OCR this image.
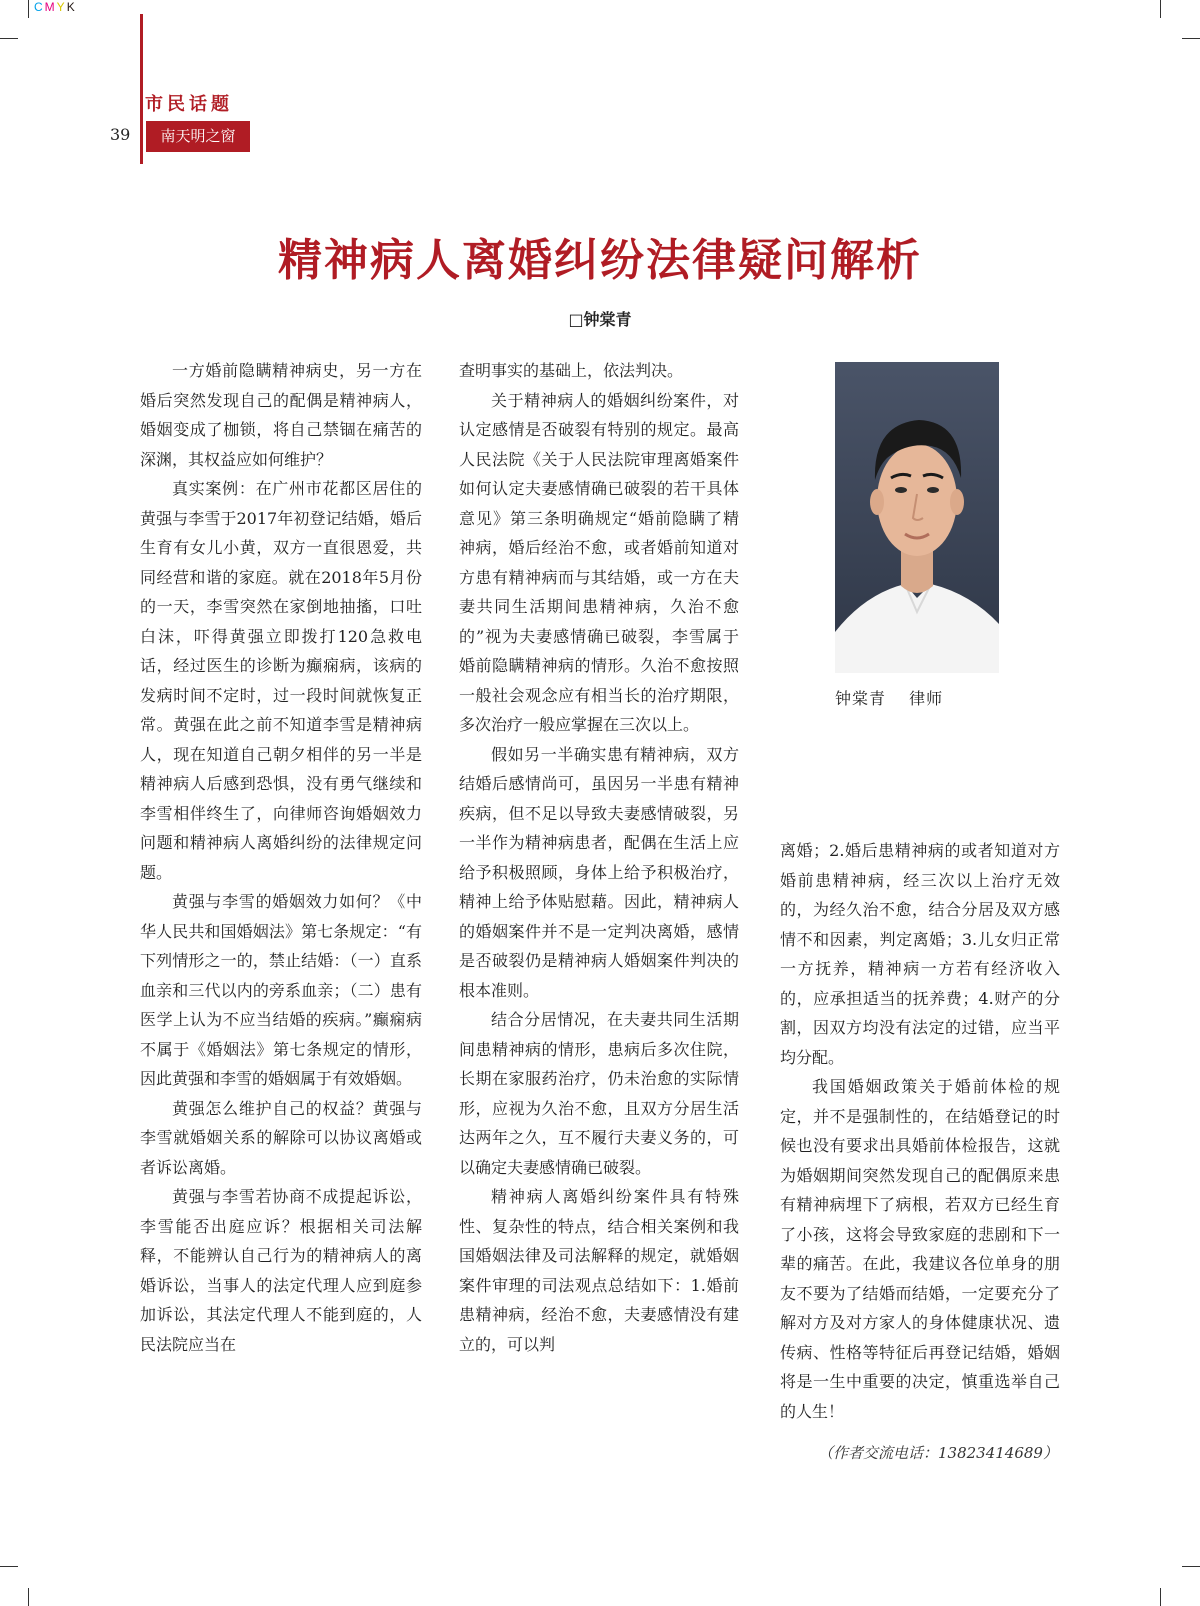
CMYK
市民话题
39	南天明之窗
精神病人离婚纠纷法律疑问解析
□钟棠青

一方婚前隐瞒精神病史，另一方在婚后突然发现自己的配偶是精神病人，婚姻变成了枷锁，将自己禁锢在痛苦的深渊，其权益应如何维护？

真实案例：在广州市花都区居住的黄强与李雪于2017年初登记结婚，婚后生育有女儿小黄，双方一直很恩爱，共同经营和谐的家庭。就在2018年5月份的一天，李雪突然在家倒地抽搐，口吐白沫，吓得黄强立即拨打120急救电话，经过医生的诊断为癫痫病，该病的发病时间不定时，过一段时间就恢复正常。黄强在此之前不知道李雪是精神病人，现在知道自己朝夕相伴的另一半是精神病人后感到恐惧，没有勇气继续和李雪相伴终生了，向律师咨询婚姻效力问题和精神病人离婚纠纷的法律规定问题。

黄强与李雪的婚姻效力如何？《中华人民共和国婚姻法》第七条规定：“有下列情形之一的，禁止结婚：（一）直系血亲和三代以内的旁系血亲；（二）患有医学上认为不应当结婚的疾病。”癫痫病不属于《婚姻法》第七条规定的情形，因此黄强和李雪的婚姻属于有效婚姻。

黄强怎么维护自己的权益？黄强与李雪就婚姻关系的解除可以协议离婚或者诉讼离婚。

黄强与李雪若协商不成提起诉讼，李雪能否出庭应诉？根据相关司法解释，不能辨认自己行为的精神病人的离婚诉讼，当事人的法定代理人应到庭参加诉讼，其法定代理人不能到庭的，人民法院应当在

查明事实的基础上，依法判决。

关于精神病人的婚姻纠纷案件，对认定感情是否破裂有特别的规定。最高人民法院《关于人民法院审理离婚案件如何认定夫妻感情确已破裂的若干具体意见》第三条明确规定“婚前隐瞒了精神病，婚后经治不愈，或者婚前知道对方患有精神病而与其结婚，或一方在夫妻共同生活期间患精神病，久治不愈的”视为夫妻感情确已破裂，李雪属于婚前隐瞒精神病的情形。久治不愈按照一般社会观念应有相当长的治疗期限，多次治疗一般应掌握在三次以上。

假如另一半确实患有精神病，双方结婚后感情尚可，虽因另一半患有精神疾病，但不足以导致夫妻感情破裂，另一半作为精神病患者，配偶在生活上应给予积极照顾，身体上给予积极治疗，精神上给予体贴慰藉。因此，精神病人的婚姻案件并不是一定判决离婚，感情是否破裂仍是精神病人婚姻案件判决的根本准则。

结合分居情况，在夫妻共同生活期间患精神病的情形，患病后多次住院，长期在家服药治疗，仍未治愈的实际情形，应视为久治不愈，且双方分居生活达两年之久，互不履行夫妻义务的，可以确定夫妻感情确已破裂。

精神病人离婚纠纷案件具有特殊性、复杂性的特点，结合相关案例和我国婚姻法律及司法解释的规定，就婚姻案件审理的司法观点总结如下：1.婚前患精神病，经治不愈，夫妻感情没有建立的，可以判

钟棠青　 律师

离婚；2.婚后患精神病的或者知道对方婚前患精神病，经三次以上治疗无效的，为经久治不愈，结合分居及双方感情不和因素，判定离婚；3.儿女归正常一方抚养，精神病一方若有经济收入的，应承担适当的抚养费；4.财产的分割，因双方均没有法定的过错，应当平均分配。

我国婚姻政策关于婚前体检的规定，并不是强制性的，在结婚登记的时候也没有要求出具婚前体检报告，这就为婚姻期间突然发现自己的配偶原来患有精神病埋下了病根，若双方已经生育了小孩，这将会导致家庭的悲剧和下一辈的痛苦。在此，我建议各位单身的朋友不要为了结婚而结婚，一定要充分了解对方及对方家人的身体健康状况、遗传病、性格等特征后再登记结婚，婚姻将是一生中重要的决定，慎重选举自己的人生！

（作者交流电话：13823414689）
